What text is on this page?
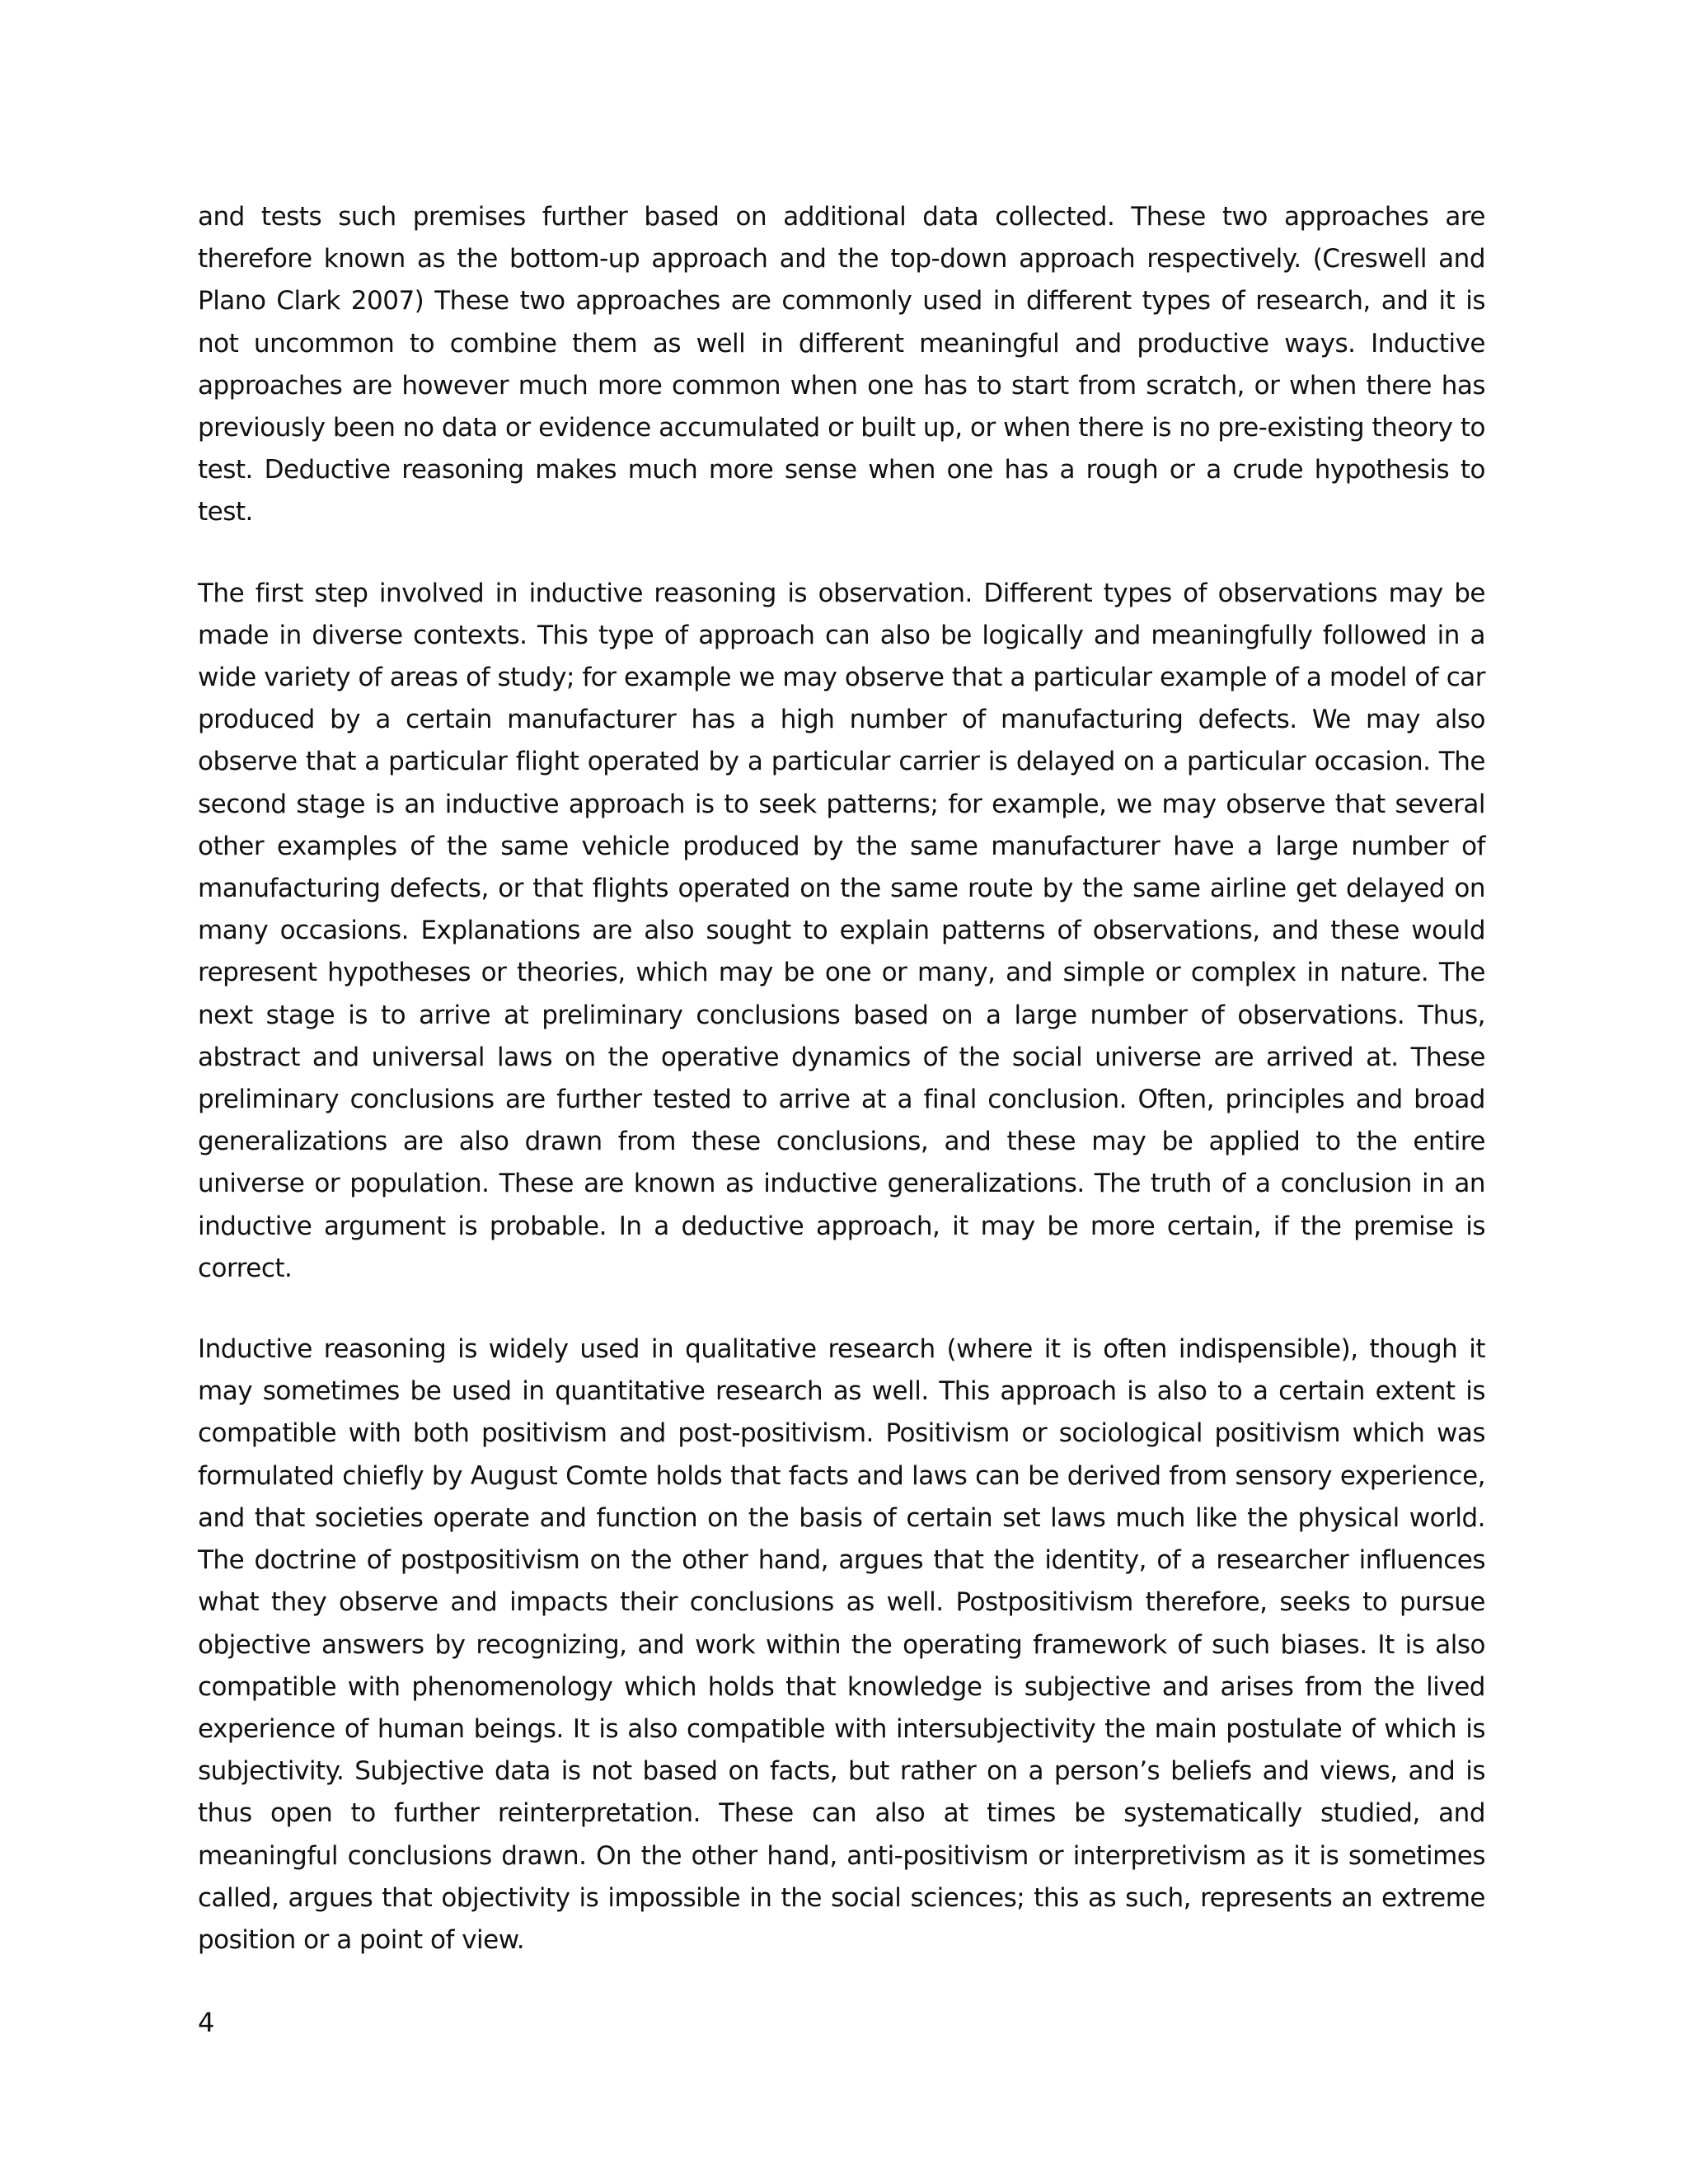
and tests such premises further based on additional data collected. These two approaches are therefore known as the bottom-up approach and the top-down approach respectively. (Creswell and Plano Clark 2007) These two approaches are commonly used in different types of research, and it is not uncommon to combine them as well in different meaningful and productive ways. Inductive approaches are however much more common when one has to start from scratch, or when there has previously been no data or evidence accumulated or built up, or when there is no pre-existing theory to test. Deductive reasoning makes much more sense when one has a rough or a crude hypothesis to test.

The first step involved in inductive reasoning is observation. Different types of observations may be made in diverse contexts. This type of approach can also be logically and meaningfully followed in a wide variety of areas of study; for example we may observe that a particular example of a model of car produced by a certain manufacturer has a high number of manufacturing defects. We may also observe that a particular flight operated by a particular carrier is delayed on a particular occasion. The second stage is an inductive approach is to seek patterns; for example, we may observe that several other examples of the same vehicle produced by the same manufacturer have a large number of manufacturing defects, or that flights operated on the same route by the same airline get delayed on many occasions. Explanations are also sought to explain patterns of observations, and these would represent hypotheses or theories, which may be one or many, and simple or complex in nature. The next stage is to arrive at preliminary conclusions based on a large number of observations. Thus, abstract and universal laws on the operative dynamics of the social universe are arrived at. These preliminary conclusions are further tested to arrive at a final conclusion. Often, principles and broad generalizations are also drawn from these conclusions, and these may be applied to the entire universe or population. These are known as inductive generalizations. The truth of a conclusion in an inductive argument is probable. In a deductive approach, it may be more certain, if the premise is correct.

Inductive reasoning is widely used in qualitative research (where it is often indispensible), though it may sometimes be used in quantitative research as well. This approach is also to a certain extent is compatible with both positivism and post-positivism. Positivism or sociological positivism which was formulated chiefly by August Comte holds that facts and laws can be derived from sensory experience, and that societies operate and function on the basis of certain set laws much like the physical world. The doctrine of postpositivism on the other hand, argues that the identity, of a researcher influences what they observe and impacts their conclusions as well. Postpositivism therefore, seeks to pursue objective answers by recognizing, and work within the operating framework of such biases. It is also compatible with phenomenology which holds that knowledge is subjective and arises from the lived experience of human beings. It is also compatible with intersubjectivity the main postulate of which is subjectivity. Subjective data is not based on facts, but rather on a person’s beliefs and views, and is thus open to further reinterpretation. These can also at times be systematically studied, and meaningful conclusions drawn. On the other hand, anti-positivism or interpretivism as it is sometimes called, argues that objectivity is impossible in the social sciences; this as such, represents an extreme position or a point of view.

4
